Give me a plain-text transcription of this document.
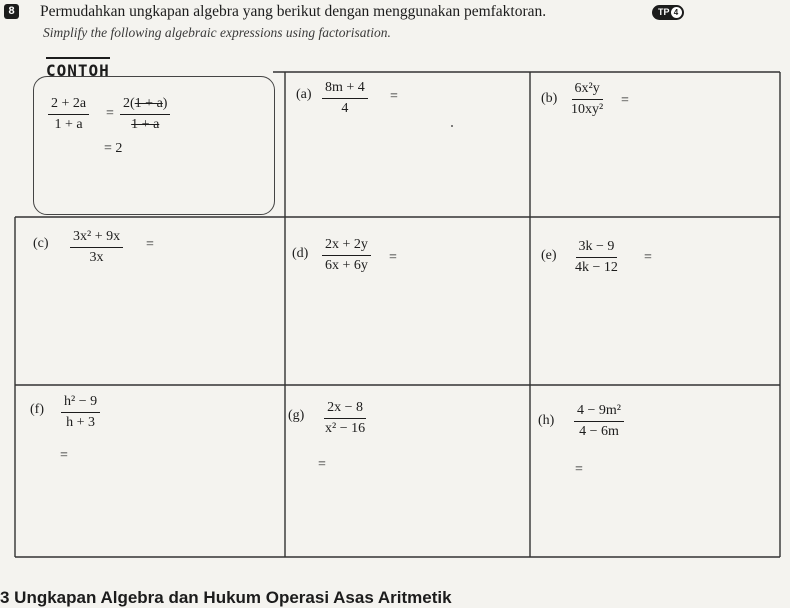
8 Permudahkan ungkapan algebra yang berikut dengan menggunakan pemfaktoran.	TP 4
Simplify the following algebraic expressions using factorisation.
CONTOH
$\frac{2 + 2a}{1 + a} = \frac{2(1 + a)}{1 + a}$
= 2
$(a) \frac{8m + 4}{4}$ =	$(b) \frac{\text{6x²y}}{\text{10xy²}}$ =
$(c) \frac{\text{3x² + 9x}}{3x}$ =
$(d) \frac{2x + 2y}{6x + 6y}$ =	$(e) \frac{3k - 9}{4k - 12}$ =
$(f) \frac{\text{h² − 9}}{h + 3}$
=
$(g) \frac{2x - 8}{\text{x² − 16}}$
=
$(h) \frac{\text{4 − 9m²}}{4 - 6m}$
=
3 Ungkapan Algebra dan Hukum Operasi Asas Aritmetik
